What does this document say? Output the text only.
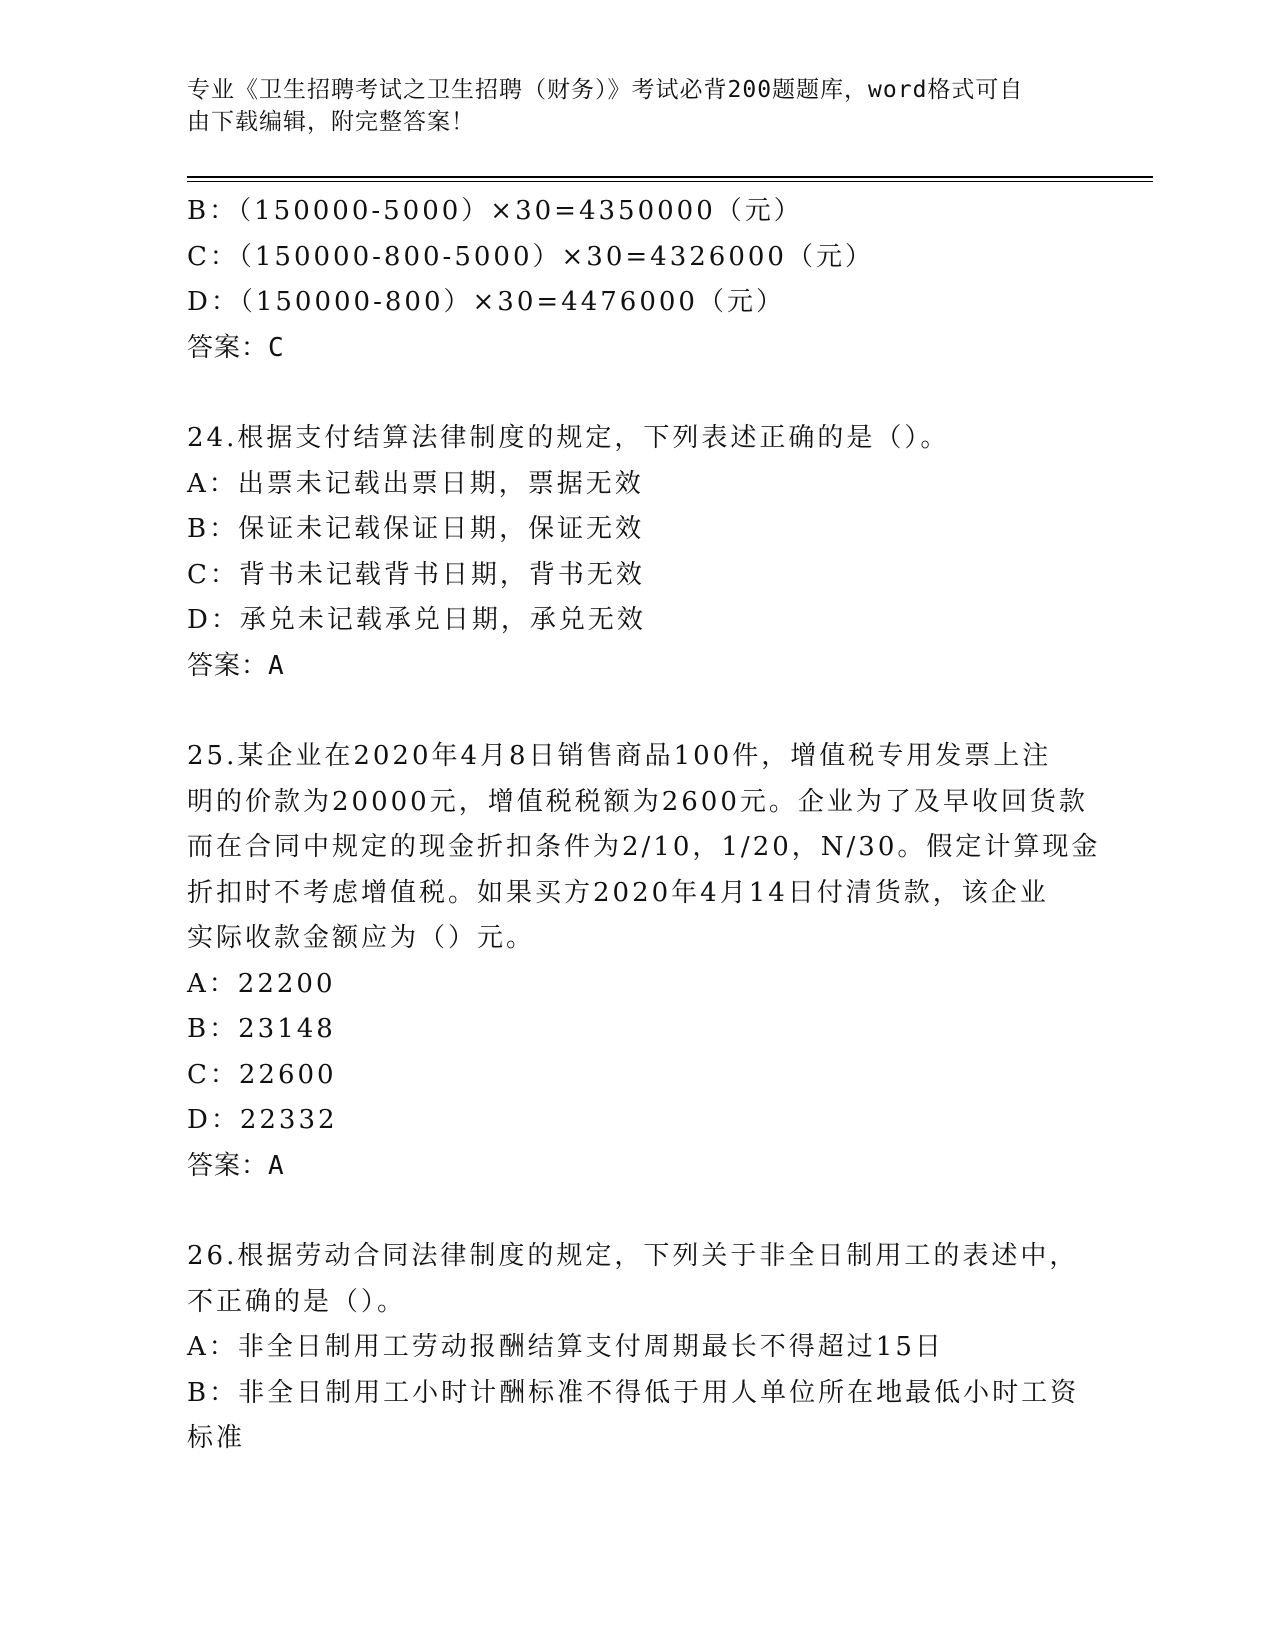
专业《卫生招聘考试之卫生招聘（财务）》考试必背200题题库，word格式可自
由下载编辑，附完整答案！
B：（150000-5000）×30=4350000（元）
C：（150000-800-5000）×30=4326000（元）
D：（150000-800）×30=4476000（元）
答案：C
24.根据支付结算法律制度的规定，下列表述正确的是（）。
A：出票未记载出票日期，票据无效
B：保证未记载保证日期，保证无效
C：背书未记载背书日期，背书无效
D：承兑未记载承兑日期，承兑无效
答案：A
25.某企业在2020年4月8日销售商品100件，增值税专用发票上注
明的价款为20000元，增值税税额为2600元。企业为了及早收回货款
而在合同中规定的现金折扣条件为2/10，1/20，N/30。假定计算现金
折扣时不考虑增值税。如果买方2020年4月14日付清货款，该企业
实际收款金额应为（）元。
A：22200
B：23148
C：22600
D：22332
答案：A
26.根据劳动合同法律制度的规定，下列关于非全日制用工的表述中，
不正确的是（）。
A：非全日制用工劳动报酬结算支付周期最长不得超过15日
B：非全日制用工小时计酬标准不得低于用人单位所在地最低小时工资
标准
